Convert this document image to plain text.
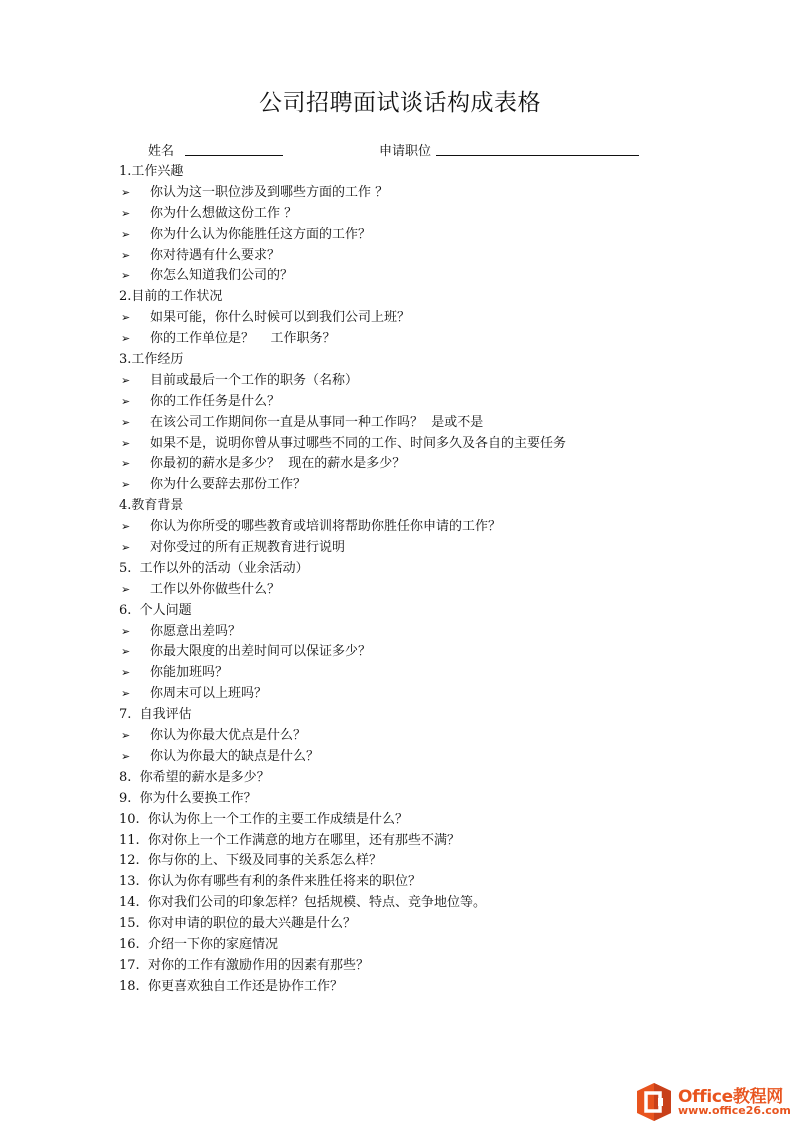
公司招聘面试谈话构成表格
姓名	申请职位
1.工作兴趣
➢ 你认为这一职位涉及到哪些方面的工作 ？
➢ 你为什么想做这份工作 ？
➢ 你为什么认为你能胜任这方面的工作？
➢ 你对待遇有什么要求？
➢ 你怎么知道我们公司的？
2.目前的工作状况
➢ 如果可能，你什么时候可以到我们公司上班？
➢ 你的工作单位是？    工作职务？
3.工作经历
➢ 目前或最后一个工作的职务（名称）
➢ 你的工作任务是什么？
➢ 在该公司工作期间你一直是从事同一种工作吗？  是或不是
➢ 如果不是，说明你曾从事过哪些不同的工作、时间多久及各自的主要任务
➢ 你最初的薪水是多少？  现在的薪水是多少？
➢ 你为什么要辞去那份工作？
4.教育背景
➢ 你认为你所受的哪些教育或培训将帮助你胜任你申请的工作？
➢ 对你受过的所有正规教育进行说明
5.  工作以外的活动（业余活动）
➢ 工作以外你做些什么？
6.  个人问题
➢ 你愿意出差吗？
➢ 你最大限度的出差时间可以保证多少？
➢ 你能加班吗？
➢ 你周末可以上班吗？
7.  自我评估
➢ 你认为你最大优点是什么？
➢ 你认为你最大的缺点是什么？
8.  你希望的薪水是多少？
9.  你为什么要换工作？
10.  你认为你上一个工作的主要工作成绩是什么？
11.  你对你上一个工作满意的地方在哪里，还有那些不满？
12.  你与你的上、下级及同事的关系怎么样？
13.  你认为你有哪些有利的条件来胜任将来的职位？
14.  你对我们公司的印象怎样？包括规模、特点、竞争地位等。
15.  你对申请的职位的最大兴趣是什么？
16.  介绍一下你的家庭情况
17.  对你的工作有激励作用的因素有那些？
18.  你更喜欢独自工作还是协作工作？
Office教程网
www.office26.com
